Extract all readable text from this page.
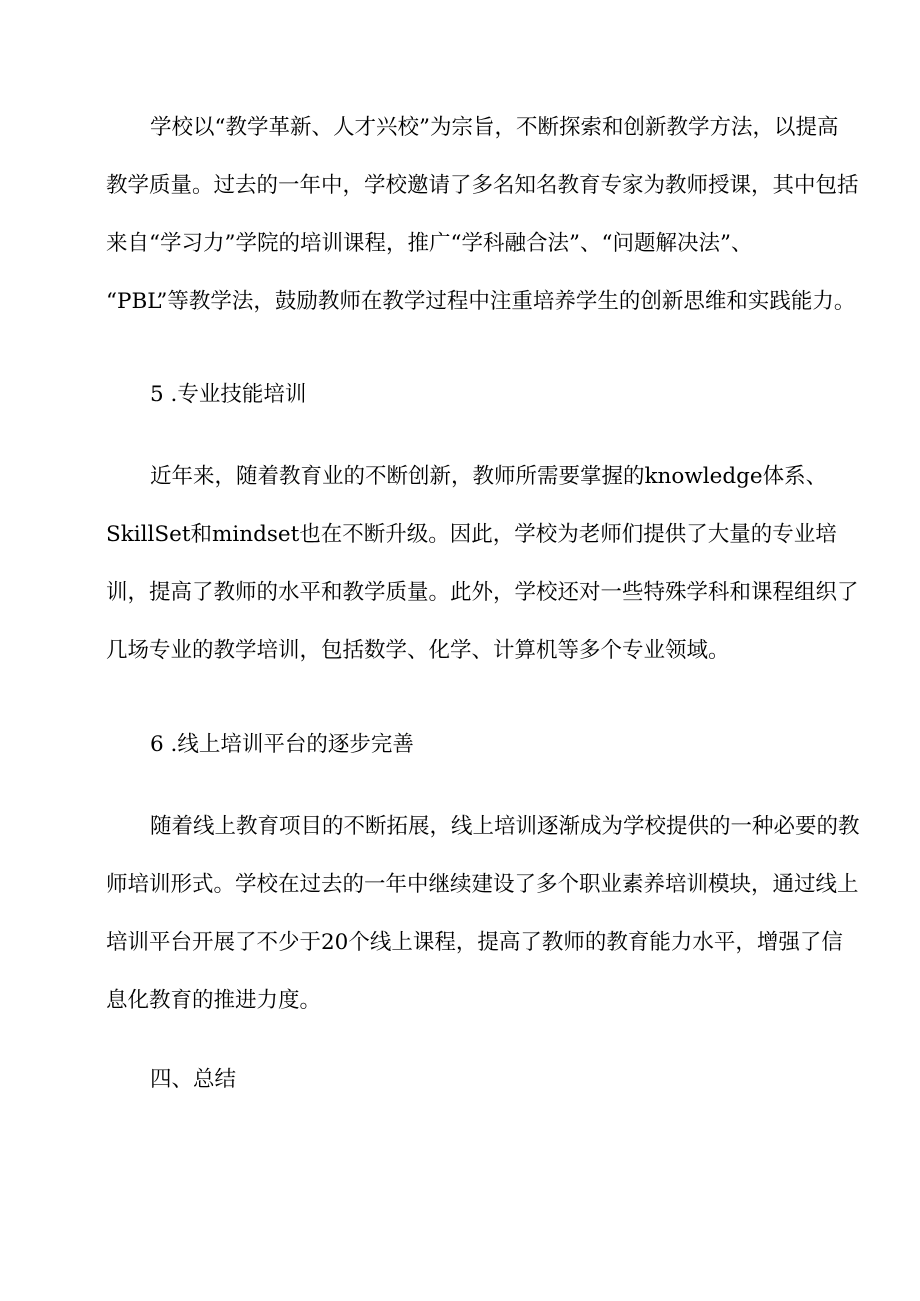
学校以“教学革新、人才兴校”为宗旨，不断探索和创新教学方法，以提高
教学质量。过去的一年中，学校邀请了多名知名教育专家为教师授课，其中包括
来自“学习力”学院的培训课程，推广“学科融合法”、“问题解决法”、
“PBL”等教学法，鼓励教师在教学过程中注重培养学生的创新思维和实践能力。
5 .专业技能培训
近年来，随着教育业的不断创新，教师所需要掌握的knowledge体系、
SkillSet和mindset也在不断升级。因此，学校为老师们提供了大量的专业培
训，提高了教师的水平和教学质量。此外，学校还对一些特殊学科和课程组织了
几场专业的教学培训，包括数学、化学、计算机等多个专业领域。
6 .线上培训平台的逐步完善
随着线上教育项目的不断拓展，线上培训逐渐成为学校提供的一种必要的教
师培训形式。学校在过去的一年中继续建设了多个职业素养培训模块，通过线上
培训平台开展了不少于20个线上课程，提高了教师的教育能力水平，增强了信
息化教育的推进力度。
四、总结
